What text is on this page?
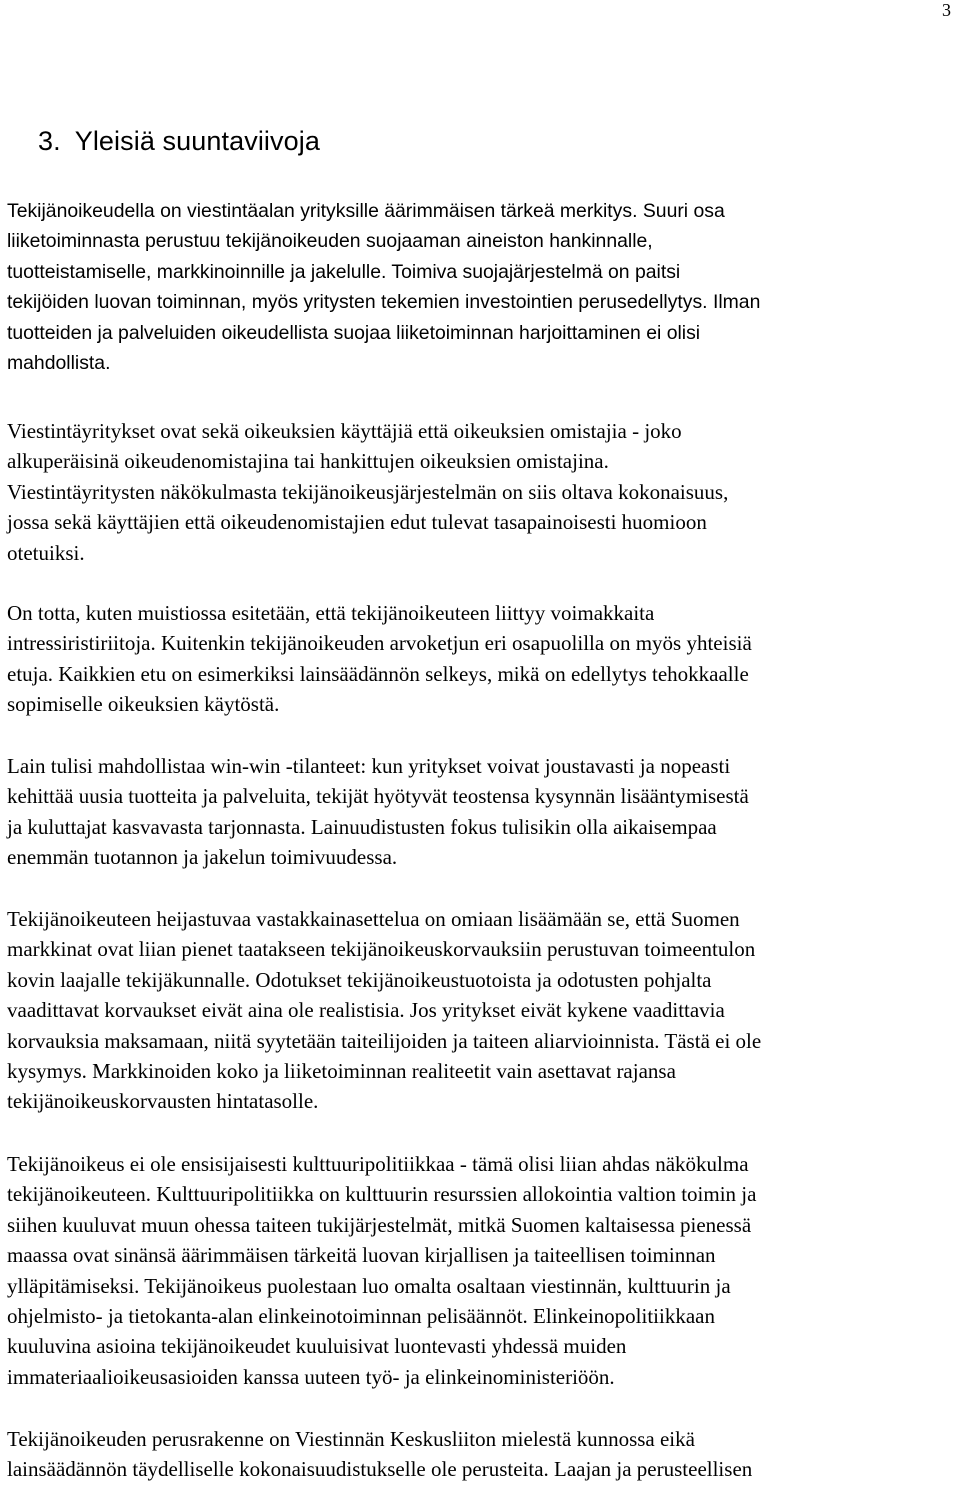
3
3. Yleisiä suuntaviivoja
Tekijänoikeudella on viestintäalan yrityksille äärimmäisen tärkeä merkitys. Suuri osa
liiketoiminnasta perustuu tekijänoikeuden suojaaman aineiston hankinnalle,
tuotteistamiselle, markkinoinnille ja jakelulle. Toimiva suojajärjestelmä on paitsi
tekijöiden luovan toiminnan, myös yritysten tekemien investointien perusedellytys. Ilman
tuotteiden ja palveluiden oikeudellista suojaa liiketoiminnan harjoittaminen ei olisi
mahdollista.
Viestintäyritykset ovat sekä oikeuksien käyttäjiä että oikeuksien omistajia - joko
alkuperäisinä oikeudenomistajina tai hankittujen oikeuksien omistajina.
Viestintäyritysten näkökulmasta tekijänoikeusjärjestelmän on siis oltava kokonaisuus,
jossa sekä käyttäjien että oikeudenomistajien edut tulevat tasapainoisesti huomioon
otetuiksi.
On totta, kuten muistiossa esitetään, että tekijänoikeuteen liittyy voimakkaita
intressiristiriitoja. Kuitenkin tekijänoikeuden arvoketjun eri osapuolilla on myös yhteisiä
etuja. Kaikkien etu on esimerkiksi lainsäädännön selkeys, mikä on edellytys tehokkaalle
sopimiselle oikeuksien käytöstä.
Lain tulisi mahdollistaa win-win -tilanteet: kun yritykset voivat joustavasti ja nopeasti
kehittää uusia tuotteita ja palveluita, tekijät hyötyvät teostensa kysynnän lisääntymisestä
ja kuluttajat kasvavasta tarjonnasta. Lainuudistusten fokus tulisikin olla aikaisempaa
enemmän tuotannon ja jakelun toimivuudessa.
Tekijänoikeuteen heijastuvaa vastakkainasettelua on omiaan lisäämään se, että Suomen
markkinat ovat liian pienet taatakseen tekijänoikeuskorvauksiin perustuvan toimeentulon
kovin laajalle tekijäkunnalle. Odotukset tekijänoikeustuotoista ja odotusten pohjalta
vaadittavat korvaukset eivät aina ole realistisia. Jos yritykset eivät kykene vaadittavia
korvauksia maksamaan, niitä syytetään taiteilijoiden ja taiteen aliarvioinnista. Tästä ei ole
kysymys. Markkinoiden koko ja liiketoiminnan realiteetit vain asettavat rajansa
tekijänoikeuskorvausten hintatasolle.
Tekijänoikeus ei ole ensisijaisesti kulttuuripolitiikkaa - tämä olisi liian ahdas näkökulma
tekijänoikeuteen. Kulttuuripolitiikka on kulttuurin resurssien allokointia valtion toimin ja
siihen kuuluvat muun ohessa taiteen tukijärjestelmät, mitkä Suomen kaltaisessa pienessä
maassa ovat sinänsä äärimmäisen tärkeitä luovan kirjallisen ja taiteellisen toiminnan
ylläpitämiseksi. Tekijänoikeus puolestaan luo omalta osaltaan viestinnän, kulttuurin ja
ohjelmisto- ja tietokanta-alan elinkeinotoiminnan pelisäännöt. Elinkeinopolitiikkaan
kuuluvina asioina tekijänoikeudet kuuluisivat luontevasti yhdessä muiden
immateriaalioikeusasioiden kanssa uuteen työ- ja elinkeinoministeriöön.
Tekijänoikeuden perusrakenne on Viestinnän Keskusliiton mielestä kunnossa eikä
lainsäädännön täydelliselle kokonaisuudistukselle ole perusteita. Laajan ja perusteellisen
